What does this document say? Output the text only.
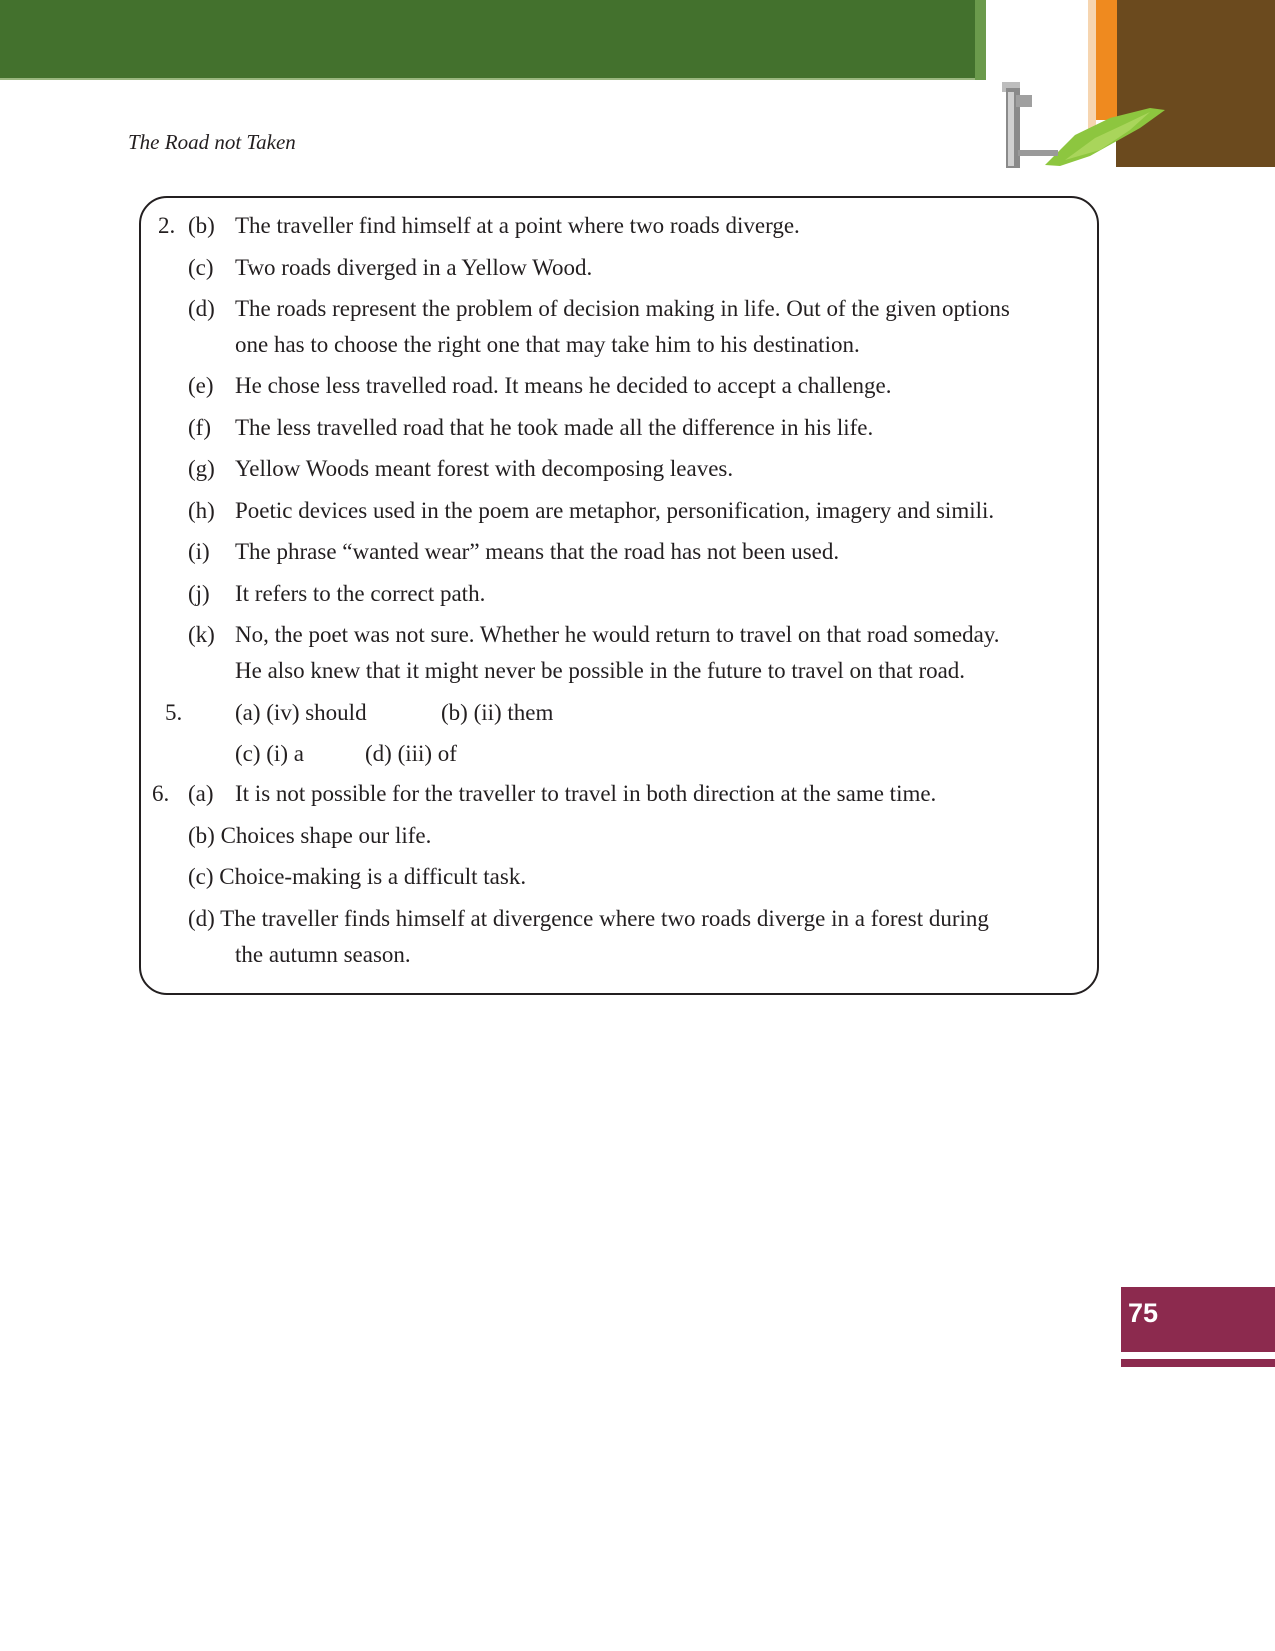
The Road not Taken
2. (b) The traveller find himself at a point where two roads diverge.
(c) Two roads diverged in a Yellow Wood.
(d) The roads represent the problem of decision making in life. Out of the given options
one has to choose the right one that may take him to his destination.
(e) He chose less travelled road. It means he decided to accept a challenge.
(f) The less travelled road that he took made all the difference in his life.
(g) Yellow Woods meant forest with decomposing leaves.
(h) Poetic devices used in the poem are metaphor, personification, imagery and simili.
(i) The phrase “wanted wear” means that the road has not been used.
(j) It refers to the correct path.
(k) No, the poet was not sure. Whether he would return to travel on that road someday.
He also knew that it might never be possible in the future to travel on that road.
5. (a) (iv) should	(b) (ii) them
(c) (i) a	(d) (iii) of
6. (a) It is not possible for the traveller to travel in both direction at the same time.
(b) Choices shape our life.
(c) Choice-making is a difficult task.
(d) The traveller finds himself at divergence where two roads diverge in a forest during
the autumn season.
75
